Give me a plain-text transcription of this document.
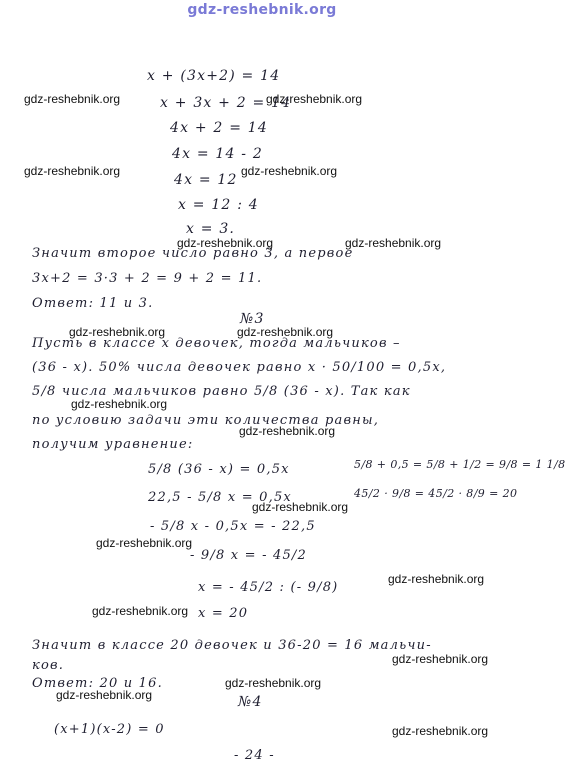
gdz-reshebnik.org
x + (3x+2) = 14
x + 3x + 2 = 14
4x + 2 = 14
4x = 14 - 2
4x = 12
x = 12 : 4
x = 3.
Значит второе число равно 3, а первое
3x+2 = 3·3 + 2 = 9 + 2 = 11.
Ответ: 11 и 3.
№3
Пусть в классе x девочек, тогда мальчиков –
(36 - x). 50% числа девочек равно x · 50/100 = 0,5x,
5/8 числа мальчиков равно 5/8 (36 - x). Так как
по условию задачи эти количества равны,
получим уравнение:
5/8 (36 - x) = 0,5x
22,5 - 5/8 x = 0,5x
- 5/8 x - 0,5x = - 22,5
- 9/8 x = - 45/2
x = - 45/2 : (- 9/8)
x = 20
5/8 + 0,5 = 5/8 + 1/2 = 9/8 = 1 1/8
45/2 · 9/8 = 45/2 · 8/9 = 20
Значит в классе 20 девочек и 36-20 = 16 мальчи-
ков.
Ответ: 20 и 16.
№4
(x+1)(x-2) = 0
- 24 -
gdz-reshebnik.org	gdz-reshebnik.org
gdz-reshebnik.org	gdz-reshebnik.org
gdz-reshebnik.org	gdz-reshebnik.org
gdz-reshebnik.org	gdz-reshebnik.org
gdz-reshebnik.org
gdz-reshebnik.org
gdz-reshebnik.org
gdz-reshebnik.org
gdz-reshebnik.org
gdz-reshebnik.org
gdz-reshebnik.org
gdz-reshebnik.org
gdz-reshebnik.org
gdz-reshebnik.org
